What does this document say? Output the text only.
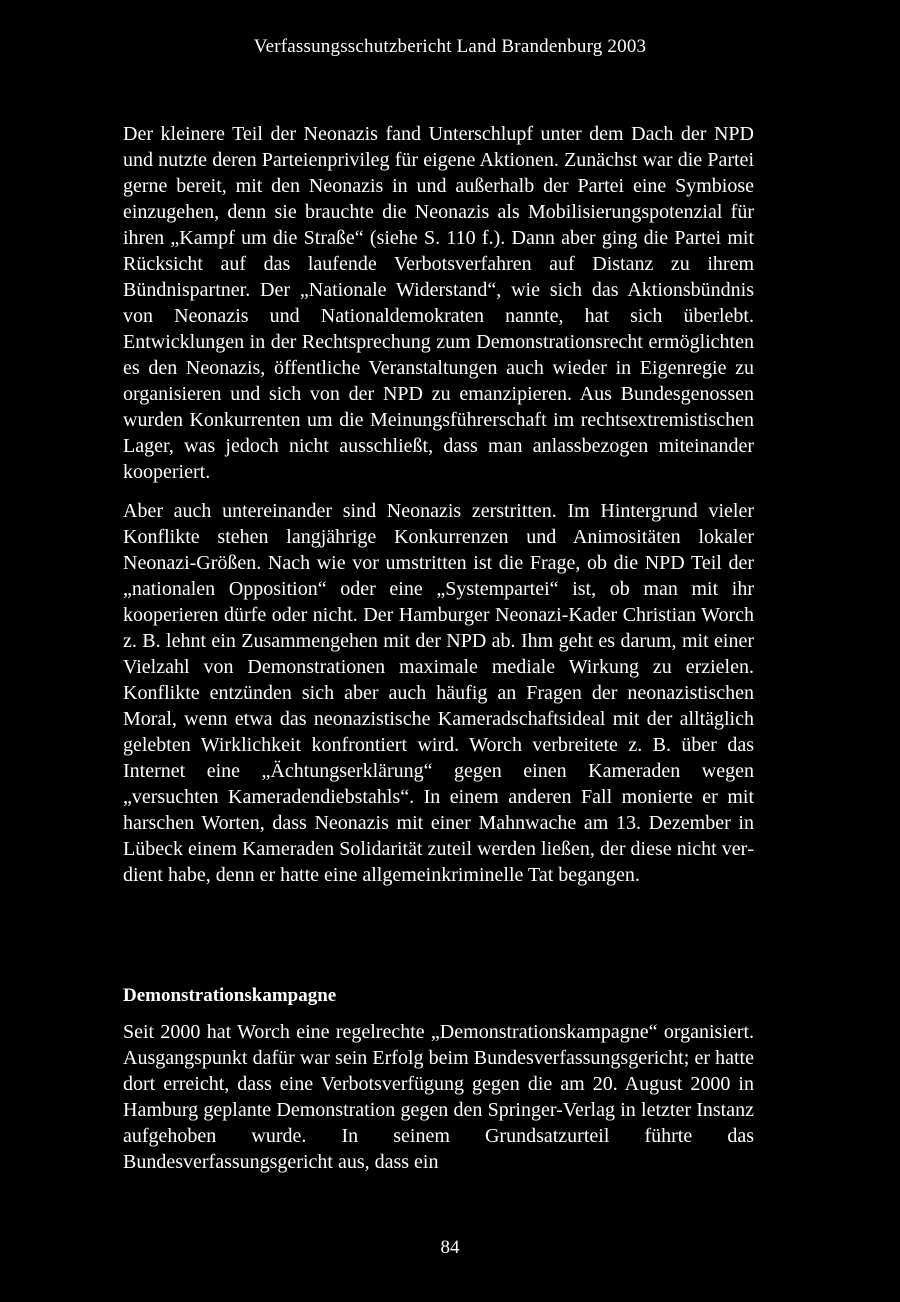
Verfassungsschutzbericht Land Brandenburg 2003

Der kleinere Teil der Neonazis fand Unterschlupf unter dem Dach der NPD und nutzte deren Parteienprivileg für eigene Aktionen. Zunächst war die Partei gerne bereit, mit den Neonazis in und außerhalb der Partei eine Symbiose einzugehen, denn sie brauchte die Neonazis als Mobilisierungspotenzial für ihren „Kampf um die Straße“ (siehe S. 110 f.). Dann aber ging die Partei mit Rücksicht auf das laufende Verbotsverfahren auf Distanz zu ihrem Bündnispartner. Der „Nationale Widerstand“, wie sich das Aktionsbündnis von Neonazis und Nationaldemokraten nannte, hat sich überlebt. Entwicklungen in der Rechtsprechung zum Demonstrationsrecht ermöglichten es den Neonazis, öffentliche Veranstaltungen auch wieder in Eigenregie zu organisieren und sich von der NPD zu emanzipieren. Aus Bundesgenossen wurden Konkurrenten um die Meinungsführerschaft im rechtsextremistischen Lager, was jedoch nicht ausschließt, dass man anlassbezogen miteinander kooperiert.

Aber auch untereinander sind Neonazis zerstritten. Im Hintergrund vieler Konflikte stehen langjährige Konkurrenzen und Animositäten lokaler Neonazi-Größen. Nach wie vor umstritten ist die Frage, ob die NPD Teil der „nationalen Opposition“ oder eine „Systempartei“ ist, ob man mit ihr kooperieren dürfe oder nicht. Der Hamburger Neonazi-Kader Christian Worch z. B. lehnt ein Zusammengehen mit der NPD ab. Ihm geht es darum, mit einer Vielzahl von Demonstrationen maximale mediale Wirkung zu erzielen. Konflikte entzünden sich aber auch häufig an Fragen der neonazistischen Moral, wenn etwa das neonazistische Kameradschaftsideal mit der alltäglich gelebten Wirklichkeit konfrontiert wird. Worch verbreitete z. B. über das Internet eine „Ächtungserklärung“ gegen einen Kameraden wegen „versuchten Kameradendiebstahls“. In einem anderen Fall monierte er mit harschen Worten, dass Neonazis mit einer Mahnwache am 13. Dezember in Lübeck einem Kameraden Solidarität zuteil werden ließen, der diese nicht verdient habe, denn er hatte eine allgemeinkriminelle Tat begangen.

Demonstrationskampagne

Seit 2000 hat Worch eine regelrechte „Demonstrationskampagne“ organisiert. Ausgangspunkt dafür war sein Erfolg beim Bundesverfassungsgericht; er hatte dort erreicht, dass eine Verbotsverfügung gegen die am 20. August 2000 in Hamburg geplante Demonstration gegen den Springer-Verlag in letzter Instanz aufgehoben wurde. In seinem Grundsatzurteil führte das Bundesverfassungsgericht aus, dass ein

84
